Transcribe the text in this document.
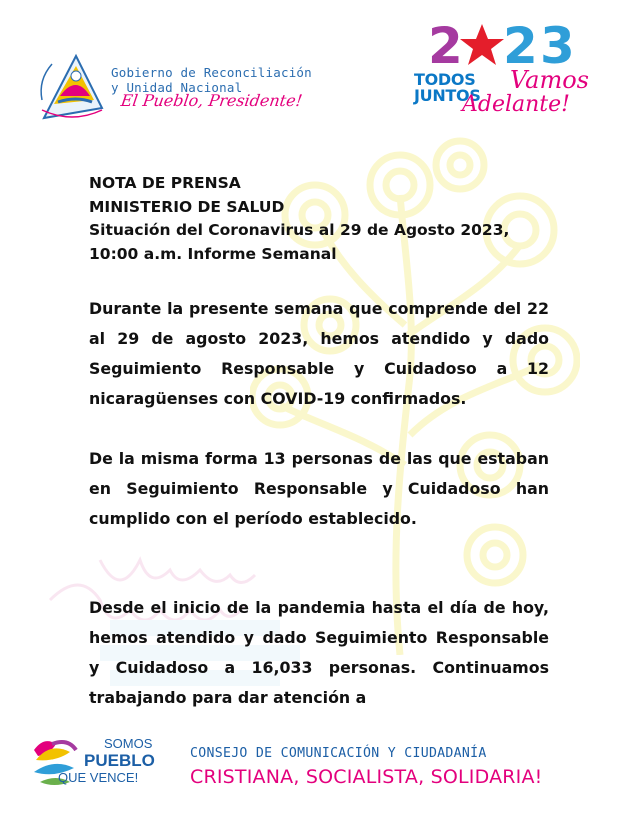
Gobierno de Reconciliación
y Unidad Nacional
El Pueblo, Presidente!
2 2 3
TODOS
JUNTOS
Vamos
Adelante!
NOTA DE PRENSA
MINISTERIO DE SALUD
Situación del Coronavirus al 29 de Agosto 2023,
10:00 a.m. Informe Semanal

Durante la presente semana que comprende del 22 al 29 de agosto 2023, hemos atendido y dado Seguimiento Responsable y Cuidadoso a 12 nicaragüenses con COVID-19 confirmados.

De la misma forma 13 personas de las que estaban en Seguimiento Responsable y Cuidadoso han cumplido con el período establecido.

Desde el inicio de la pandemia hasta el día de hoy, hemos atendido y dado Seguimiento Responsable y Cuidadoso a 16,033 personas. Continuamos trabajando para dar atención a

SOMOS
PUEBLO
QUE VENCE!
CONSEJO DE COMUNICACIÓN Y CIUDADANÍA
CRISTIANA, SOCIALISTA, SOLIDARIA!
